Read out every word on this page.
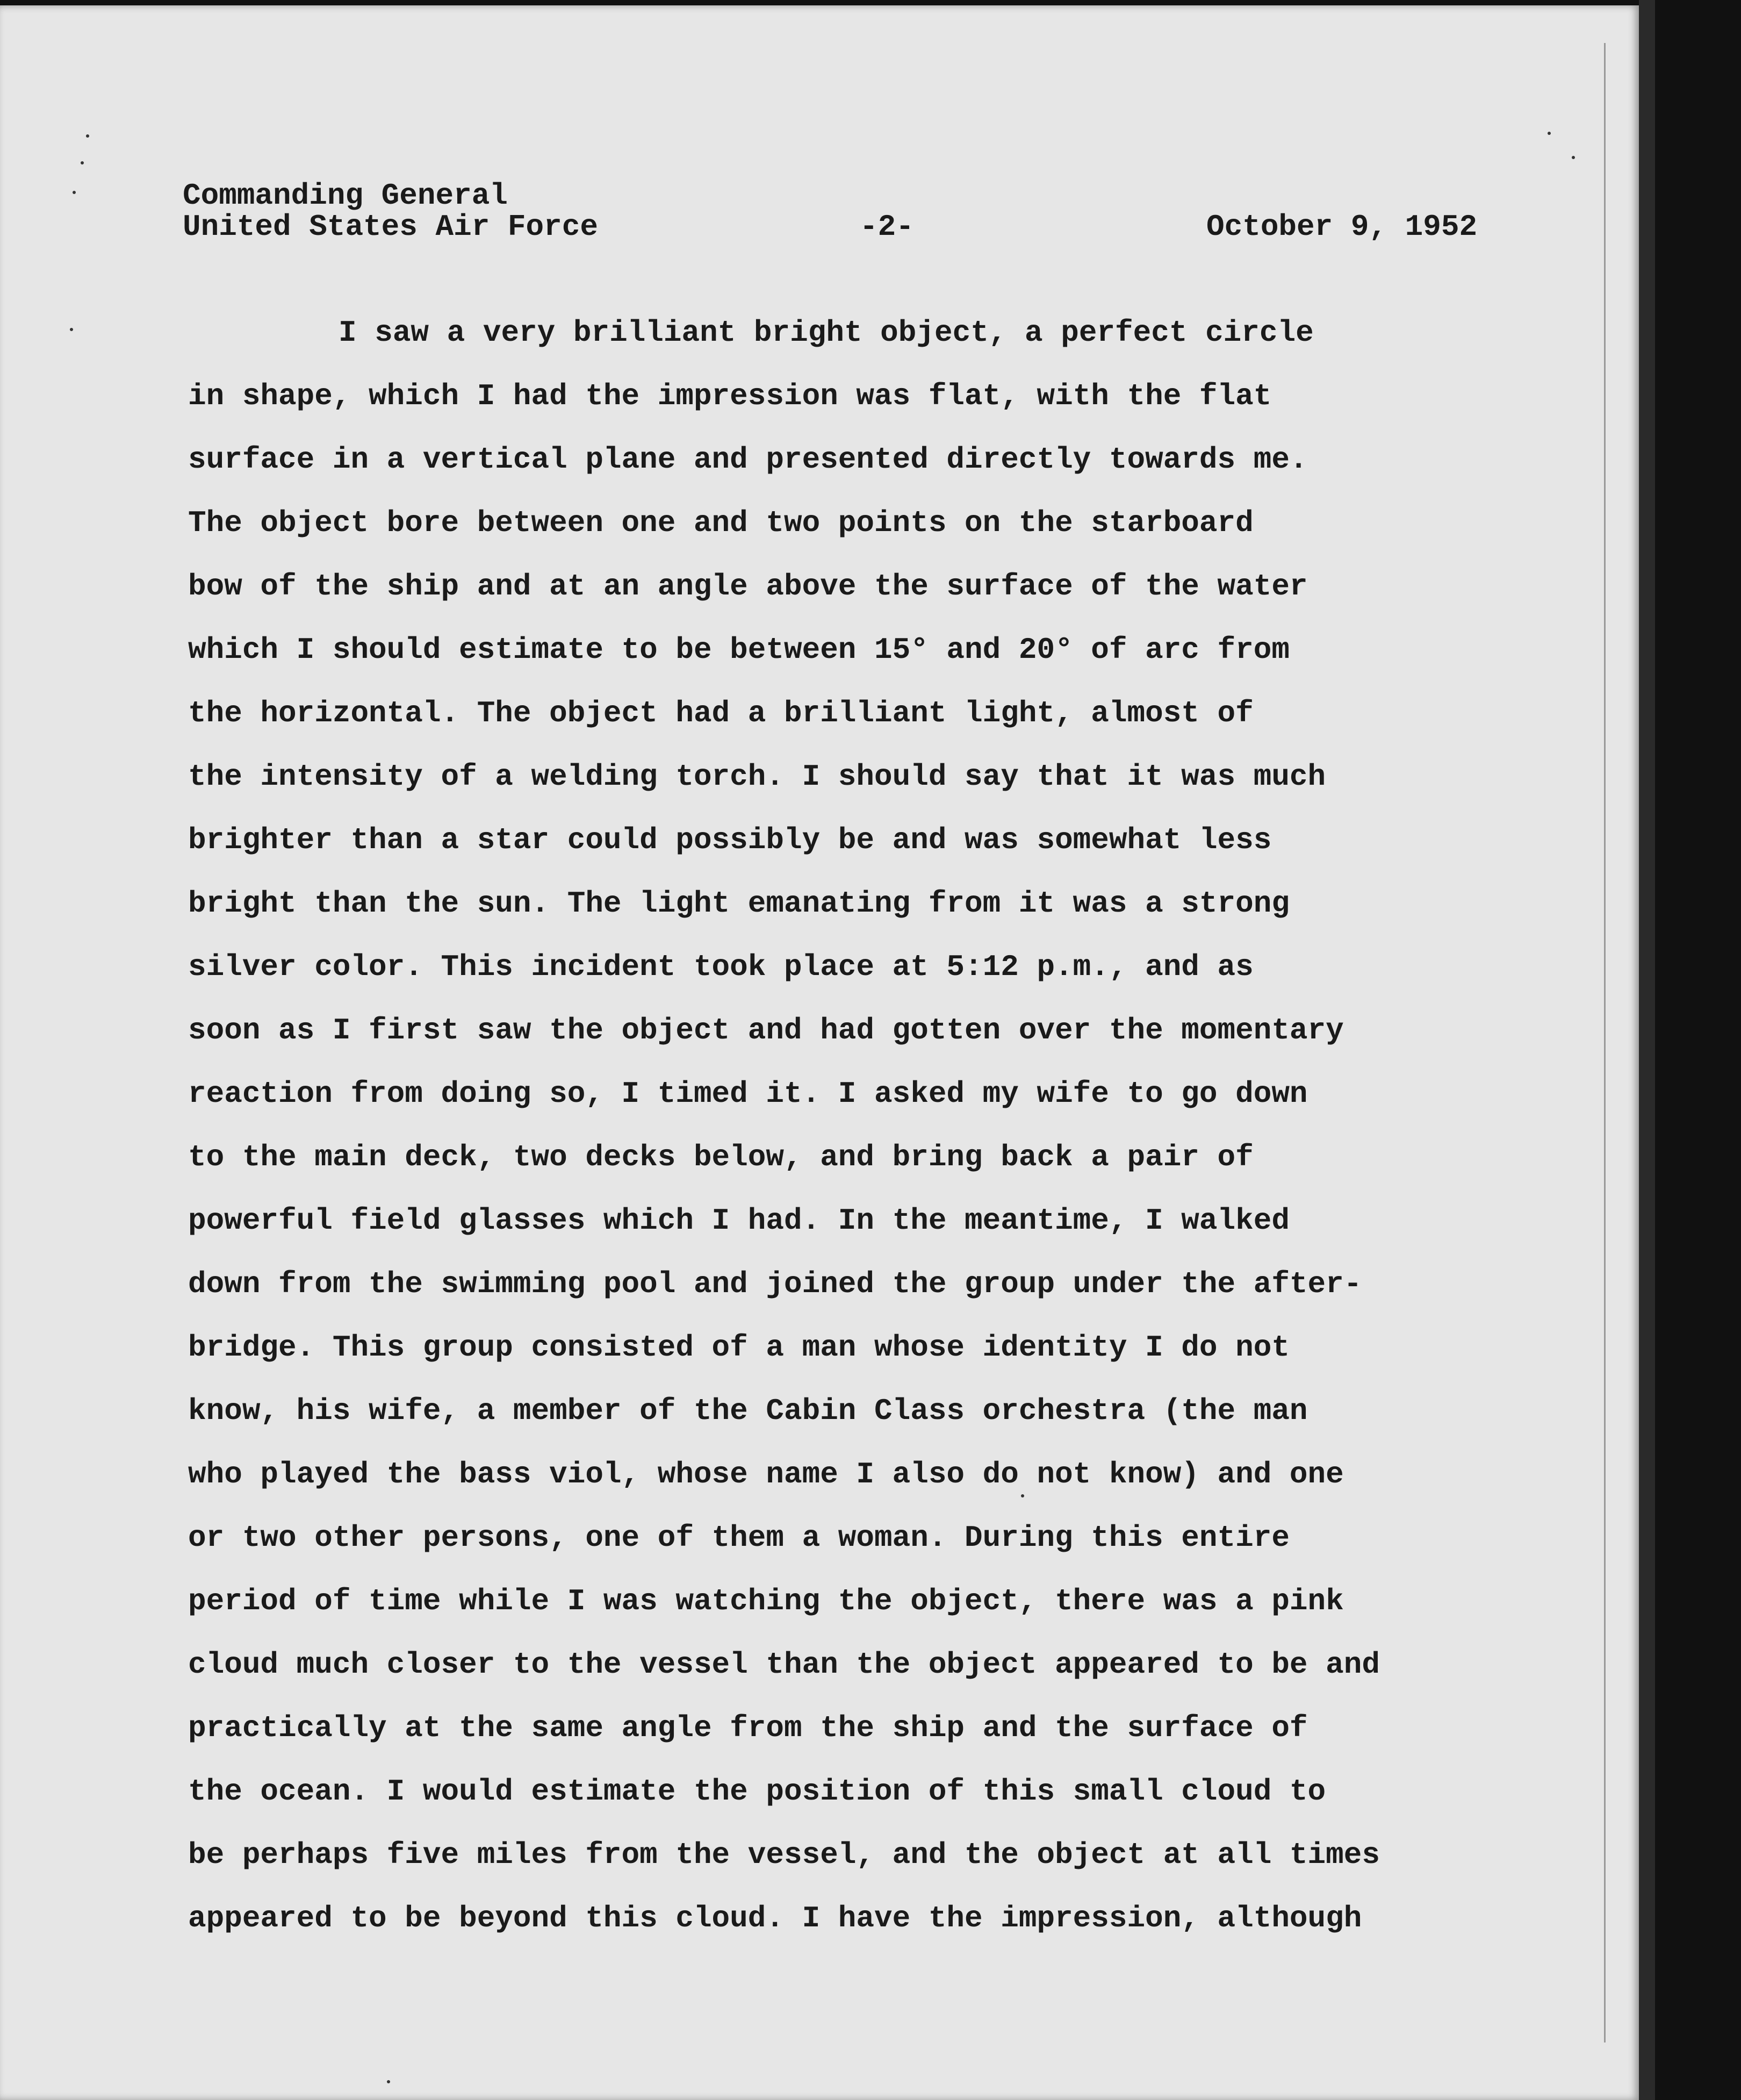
Commanding General
United States Air Force	-2-	October 9, 1952
I saw a very brilliant bright object, a perfect circle
in shape, which I had the impression was flat, with the flat
surface in a vertical plane and presented directly towards me.
The object bore between one and two points on the starboard
bow of the ship and at an angle above the surface of the water
which I should estimate to be between 15° and 20° of arc from
the horizontal. The object had a brilliant light, almost of
the intensity of a welding torch. I should say that it was much
brighter than a star could possibly be and was somewhat less
bright than the sun. The light emanating from it was a strong
silver color. This incident took place at 5:12 p.m., and as
soon as I first saw the object and had gotten over the momentary
reaction from doing so, I timed it. I asked my wife to go down
to the main deck, two decks below, and bring back a pair of
powerful field glasses which I had. In the meantime, I walked
down from the swimming pool and joined the group under the after-
bridge. This group consisted of a man whose identity I do not
know, his wife, a member of the Cabin Class orchestra (the man
who played the bass viol, whose name I also do not know) and one
or two other persons, one of them a woman. During this entire
period of time while I was watching the object, there was a pink
cloud much closer to the vessel than the object appeared to be and
practically at the same angle from the ship and the surface of
the ocean. I would estimate the position of this small cloud to
be perhaps five miles from the vessel, and the object at all times
appeared to be beyond this cloud. I have the impression, although
